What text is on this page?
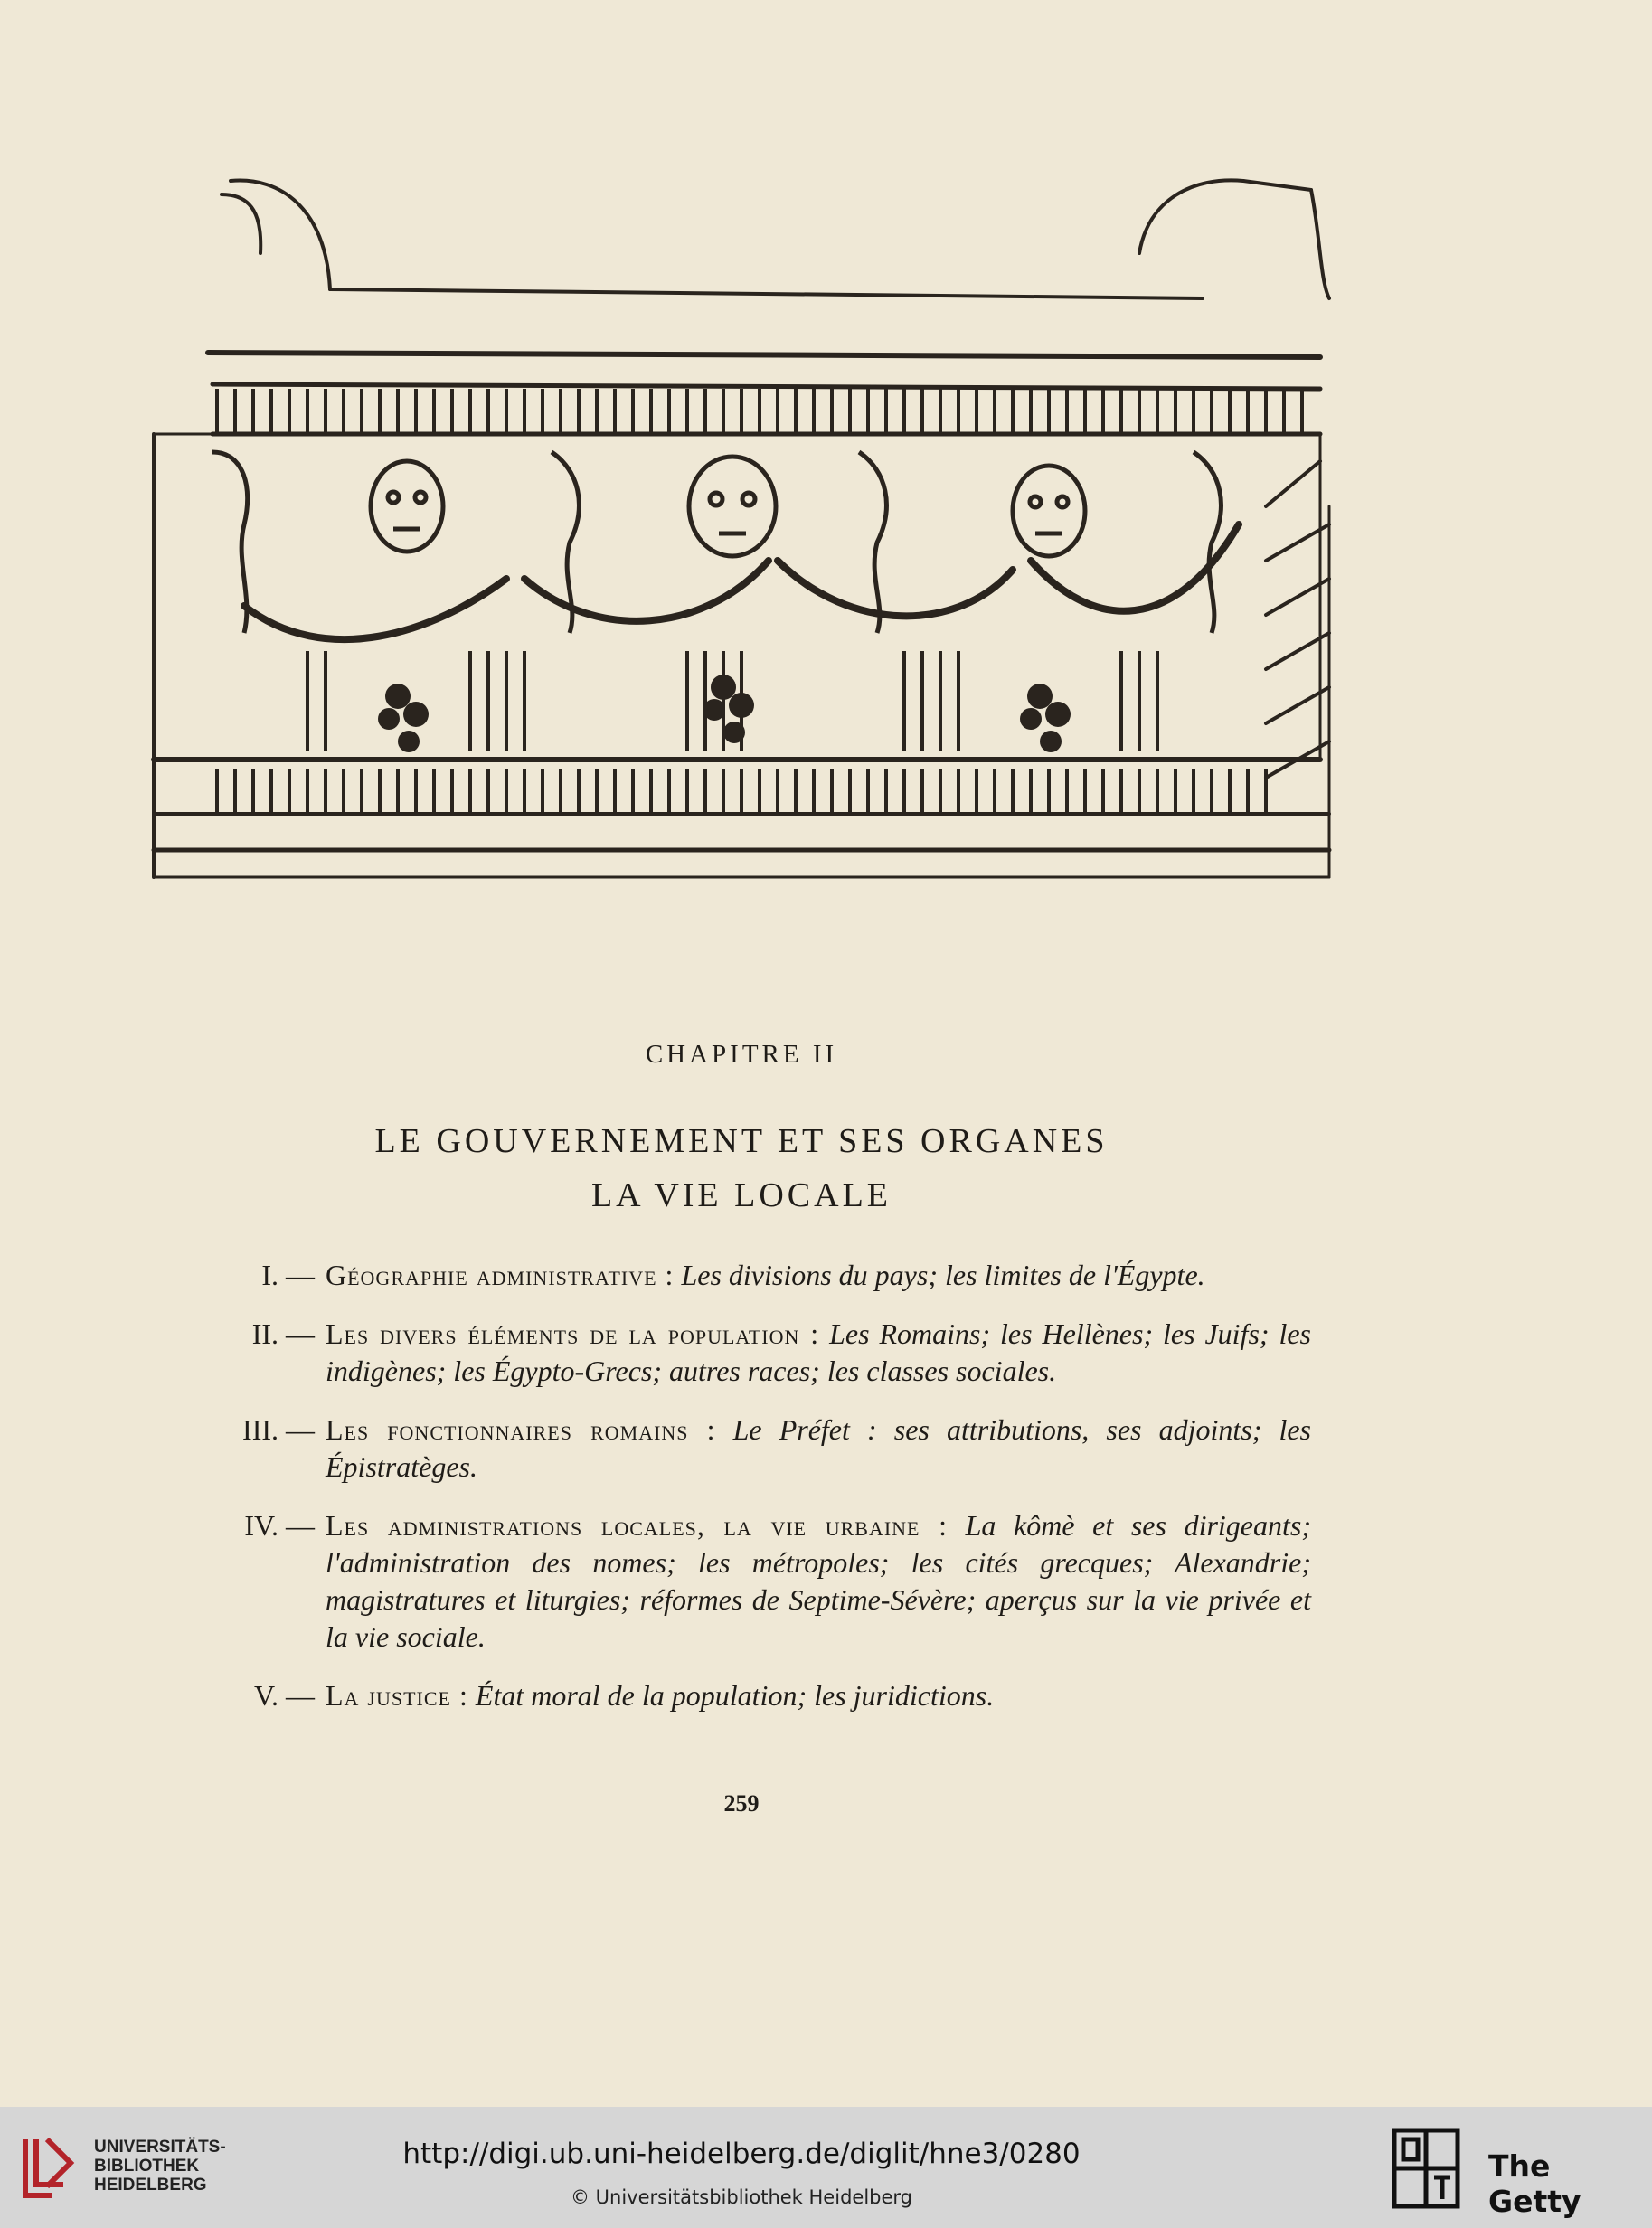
CHAPITRE II
LE GOUVERNEMENT ET SES ORGANES
LA VIE LOCALE
I. — Géographie administrative : Les divisions du pays; les limites de l'Égypte.
II. — Les divers éléments de la population : Les Romains; les Hellènes; les Juifs; les indigènes; les Égypto-Grecs; autres races; les classes sociales.
III. — Les fonctionnaires romains : Le Préfet : ses attributions, ses adjoints; les Épistratèges.
IV. — Les administrations locales, la vie urbaine : La kômè et ses dirigeants; l'administration des nomes; les métropoles; les cités grecques; Alexandrie; magistratures et liturgies; réformes de Septime-Sévère; aperçus sur la vie privée et la vie sociale.
V. — La justice : État moral de la population; les juridictions.
259
UNIVERSITÄTS-
BIBLIOTHEK
HEIDELBERG
http://digi.ub.uni-heidelberg.de/diglit/hne3/0280
© Universitätsbibliothek Heidelberg
The Getty
